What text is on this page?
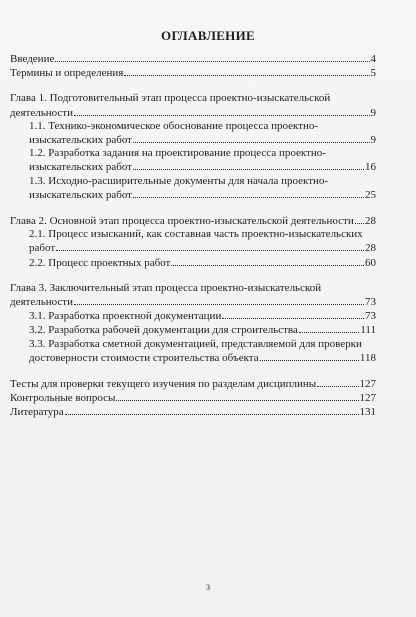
ОГЛАВЛЕНИЕ
Введение	4
Термины и определения	5
Глава 1. Подготовительный этап процесса проектно-изыскательской
деятельности	9
1.1. Технико-экономическое обоснование процесса проектно-
изыскательских работ	9
1.2. Разработка задания на проектирование процесса проектно-
изыскательских работ	16
1.3. Исходно-расширительные документы для начала проектно-
изыскательских работ	25
Глава 2. Основной этап процесса проектно-изыскательской деятельности 28
2.1. Процесс изысканий, как составная часть проектно-изыскательских
работ	28
2.2. Процесс проектных работ	60
Глава 3. Заключительный этап процесса проектно-изыскательской
деятельности	73
3.1. Разработка проектной документации	73
3.2. Разработка рабочей документации для строительства	111
3.3. Разработка сметной документацией, представляемой для проверки
достоверности стоимости строительства объекта	118
Тесты для проверки текущего изучения по разделам дисциплины	127
Контрольные вопросы	127
Литература	131
3
